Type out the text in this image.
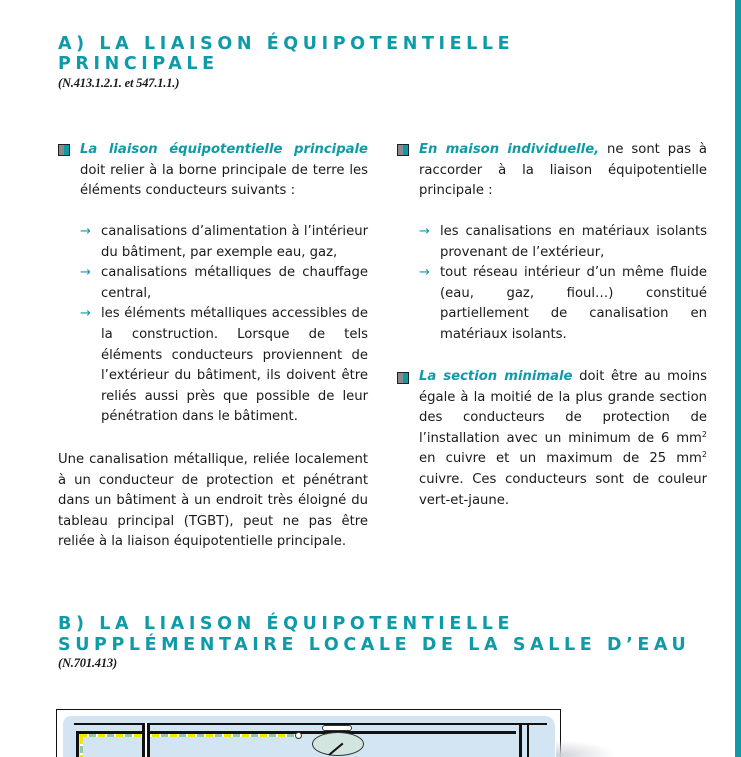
A) LA LIAISON ÉQUIPOTENTIELLE
PRINCIPALE
(N.413.1.2.1. et 547.1.1.)

La liaison équipotentielle principale doit relier à la borne principale de terre les éléments conducteurs suivants :

→ canalisations d’alimentation à l’intérieur du bâtiment, par exemple eau, gaz,
→ canalisations métalliques de chauffage central,
→ les éléments métalliques accessibles de la construction. Lorsque de tels éléments conducteurs proviennent de l’extérieur du bâtiment, ils doivent être reliés aussi près que possible de leur pénétration dans le bâtiment.

Une canalisation métallique, reliée localement à un conducteur de protection et pénétrant dans un bâtiment à un endroit très éloigné du tableau principal (TGBT), peut ne pas être reliée à la liaison équipotentielle principale.

En maison individuelle, ne sont pas à raccorder à la liaison équipotentielle principale :

→ les canalisations en matériaux isolants provenant de l’extérieur,
→ tout réseau intérieur d’un même fluide (eau, gaz, fioul…) constitué partiellement de canalisation en matériaux isolants.

La section minimale doit être au moins égale à la moitié de la plus grande section des conducteurs de protection de l’installation avec un minimum de 6 $mm^2$ en cuivre et un maximum de 25 $mm^2$ cuivre. Ces conducteurs sont de couleur vert-et-jaune.

B) LA LIAISON ÉQUIPOTENTIELLE
SUPPLÉMENTAIRE LOCALE DE LA SALLE D’EAU
(N.701.413)
